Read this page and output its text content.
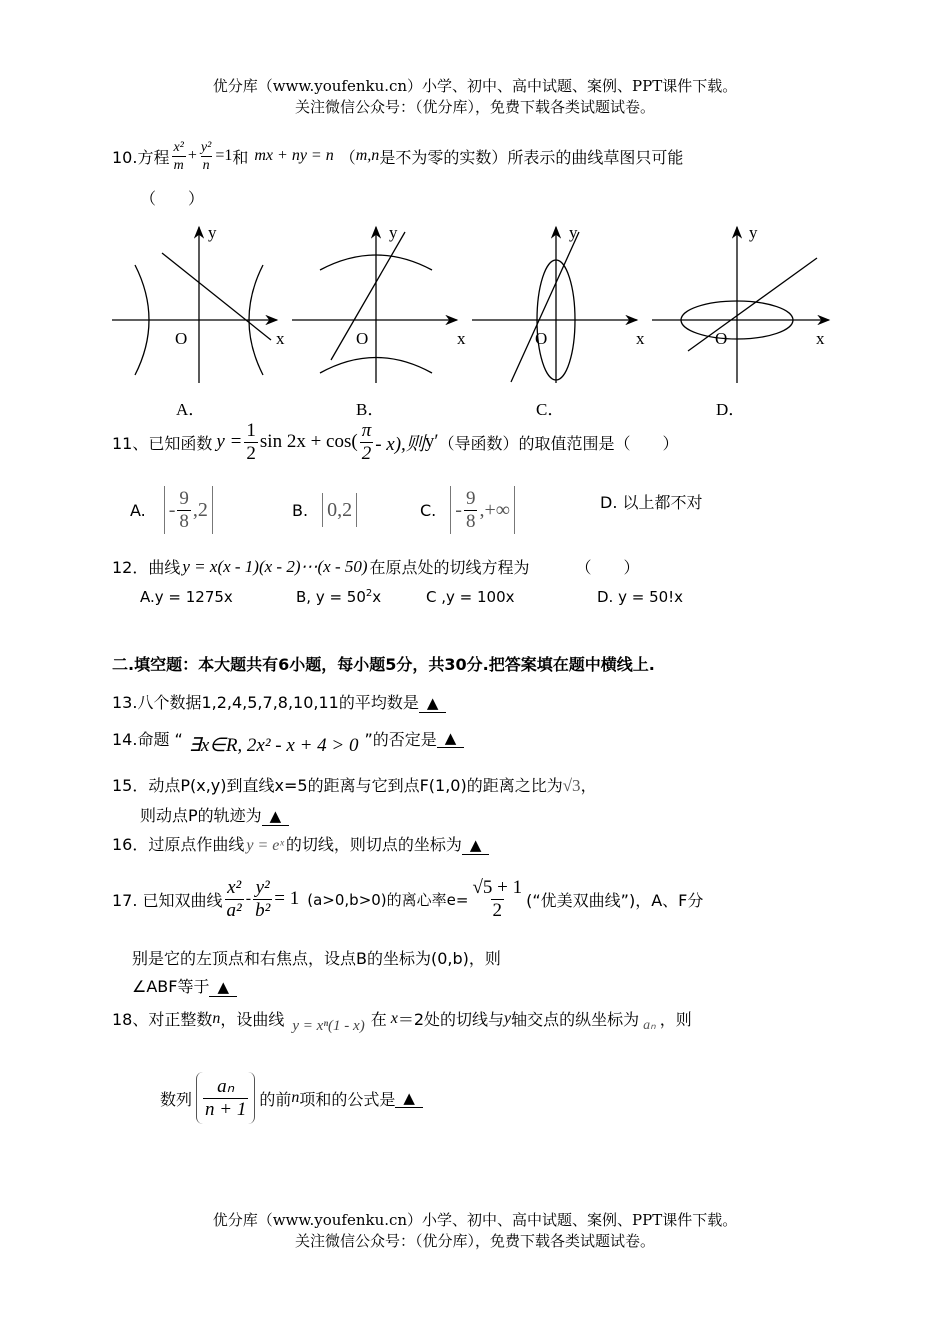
优分库（www.youfenku.cn）小学、初中、高中试题、案例、PPT课件下载。
关注微信公众号：（优分库），免费下载各类试题试卷。
10.方程 $\frac{\text{x²}}{m} + \frac{\text{y²}}{n} =1$ 和 mx + ny = n （ m,n 是不为零的实数）所表示的曲线草图只可能
（　　）
y
O	x
y
O	x
y
O	x
y
O	x
A．	B．	C．	D．
11、已知函数 $y = \frac{1}{2}$ $\sin 2x + \cos( \frac{\pi}{2} - x)$,则 y′ （导函数）的取值范围是（　　）
A. - $\frac{9}{8} ,2$	B. 0,2	C. - $\frac{9}{8}$ ,+∞	D. 以上都不对
12．曲线 y = x(x - 1)(x - 2)⋯(x - 50) 在原点处的切线方程为	（　　）
A.y = 1275x	B, $y = 50^2x$	C ,y = 100x	D. y = 50!x
二.填空题：本大题共有6小题，每小题5分，共30分.把答案填在题中横线上.
13.八个数据1,2,4,5,7,8,10,11的平均数是 ▲
14.命题 “ ∃x∈R, 2x² - x + 4 > 0 ”的否定是 ▲
15．动点P(x,y)到直线x=5的距离与它到点F(1,0)的距离之比为√3，
则动点P的轨迹为 ▲
16．过原点作曲线 y = eˣ 的切线，则切点的坐标为 ▲
17. 已知双曲线 $\frac{\text{x²}}{\text{a²}} - \frac{\text{y²}}{\text{b²}} = 1$ (a>0,b>0)的离心率$e= \frac{√5 + 1}{2}$ (“优美双曲线”)，A、F分
别是它的左顶点和右焦点，设点B的坐标为(0,b)，则
∠ABF等于 ▲
18、对正整数 n ，设曲线 y = xⁿ(1 - x) 在 x ＝2处的切线与 y 轴交点的纵坐标为 aₙ ，则
数列 $\frac{\text{aₙ}}{n + 1}$ 的前 n 项和的公式是 ▲
优分库（www.youfenku.cn）小学、初中、高中试题、案例、PPT课件下载。
关注微信公众号：（优分库），免费下载各类试题试卷。
